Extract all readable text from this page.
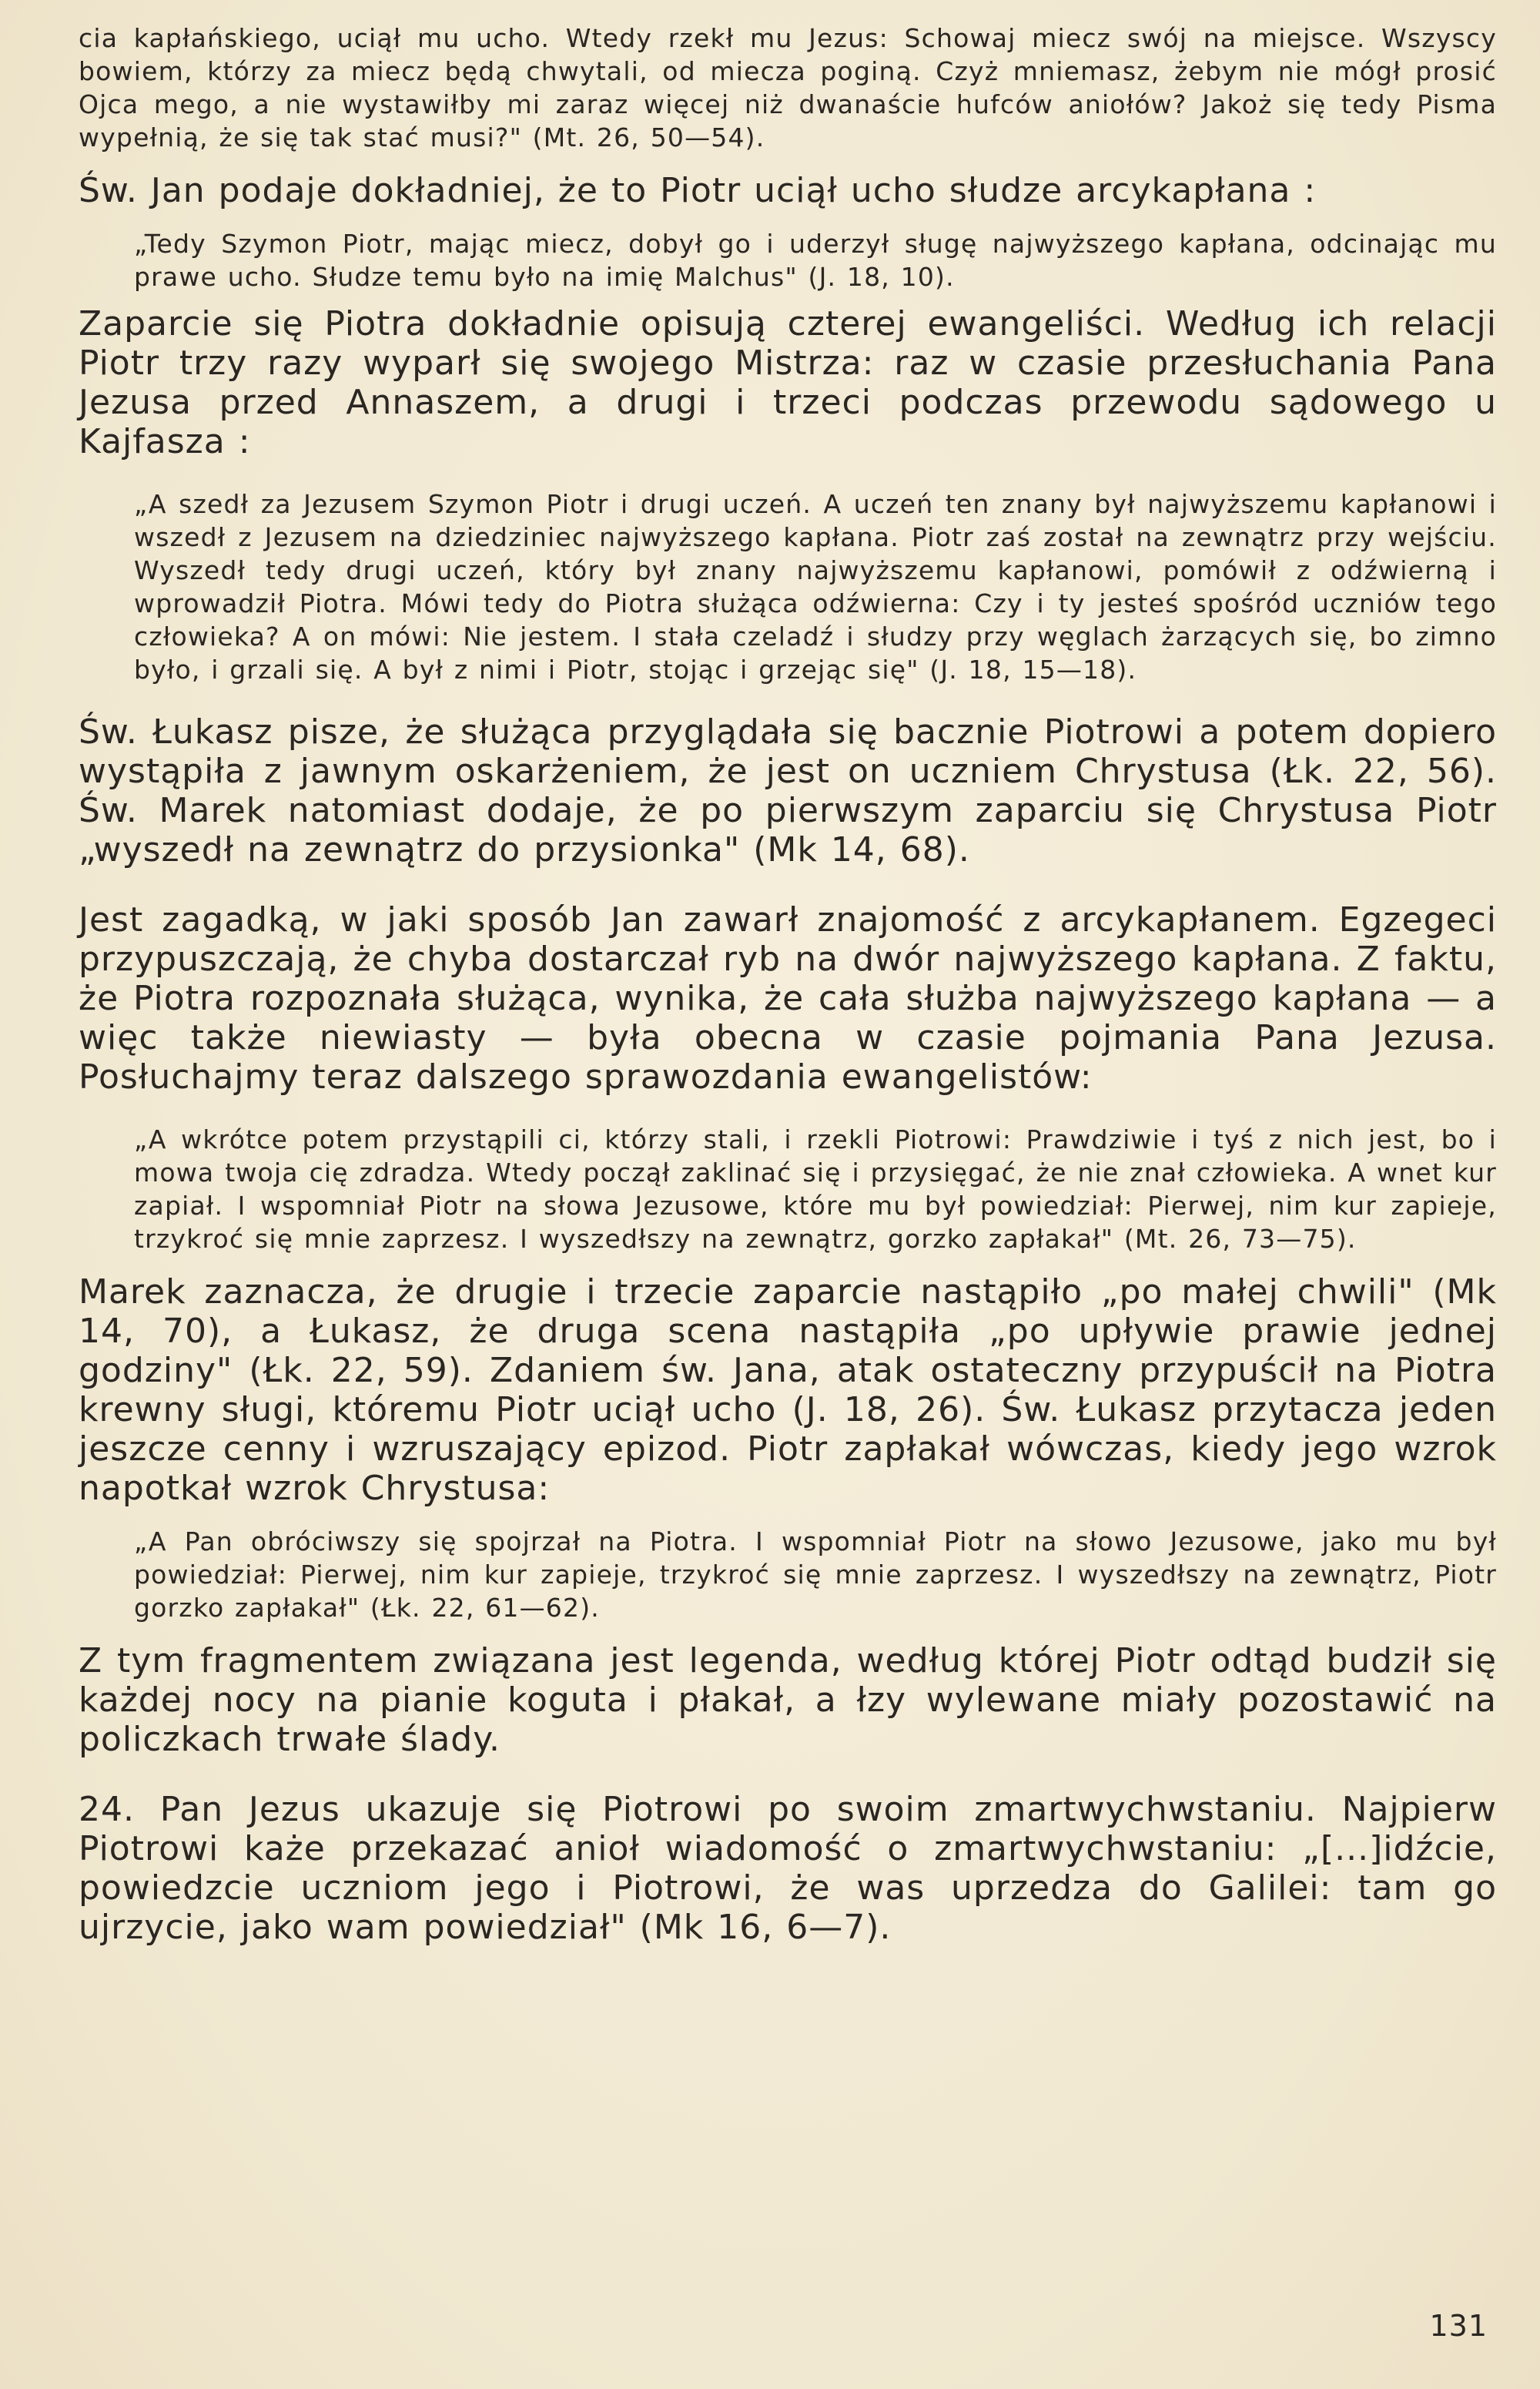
cia kapłańskiego, uciął mu ucho. Wtedy rzekł mu Jezus: Schowaj miecz swój na miejsce. Wszyscy bowiem, którzy za miecz będą chwytali, od miecza poginą. Czyż mniemasz, żebym nie mógł prosić Ojca mego, a nie wystawiłby mi zaraz więcej niż dwanaście hufców aniołów? Jakoż się tedy Pisma wypełnią, że się tak stać musi?" (Mt. 26, 50—54).

Św. Jan podaje dokładniej, że to Piotr uciął ucho słudze arcykapłana :

„Tedy Szymon Piotr, mając miecz, dobył go i uderzył sługę najwyższego kapłana, odcinając mu prawe ucho. Słudze temu było na imię Malchus" (J. 18, 10).

Zaparcie się Piotra dokładnie opisują czterej ewangeliści. Według ich relacji Piotr trzy razy wyparł się swojego Mistrza: raz w czasie przesłuchania Pana Jezusa przed Annaszem, a drugi i trzeci podczas przewodu sądowego u Kajfasza :

„A szedł za Jezusem Szymon Piotr i drugi uczeń. A uczeń ten znany był najwyższemu kapłanowi i wszedł z Jezusem na dziedziniec najwyższego kapłana. Piotr zaś został na zewnątrz przy wejściu. Wyszedł tedy drugi uczeń, który był znany najwyższemu kapłanowi, pomówił z odźwierną i wprowadził Piotra. Mówi tedy do Piotra służąca odźwierna: Czy i ty jesteś spośród uczniów tego człowieka? A on mówi: Nie jestem. I stała czeladź i słudzy przy węglach żarzących się, bo zimno było, i grzali się. A był z nimi i Piotr, stojąc i grzejąc się" (J. 18, 15—18).

Św. Łukasz pisze, że służąca przyglądała się bacznie Piotrowi a potem dopiero wystąpiła z jawnym oskarżeniem, że jest on uczniem Chrystusa (Łk. 22, 56). Św. Marek natomiast dodaje, że po pierwszym zaparciu się Chrystusa Piotr „wyszedł na zewnątrz do przysionka" (Mk 14, 68).

Jest zagadką, w jaki sposób Jan zawarł znajomość z arcykapłanem. Egzegeci przypuszczają, że chyba dostarczał ryb na dwór najwyższego kapłana. Z faktu, że Piotra rozpoznała służąca, wynika, że cała służba najwyższego kapłana — a więc także niewiasty — była obecna w czasie pojmania Pana Jezusa. Posłuchajmy teraz dalszego sprawozdania ewangelistów:

„A wkrótce potem przystąpili ci, którzy stali, i rzekli Piotrowi: Prawdziwie i tyś z nich jest, bo i mowa twoja cię zdradza. Wtedy począł zaklinać się i przysięgać, że nie znał człowieka. A wnet kur zapiał. I wspomniał Piotr na słowa Jezusowe, które mu był powiedział: Pierwej, nim kur zapieje, trzykroć się mnie zaprzesz. I wyszedłszy na zewnątrz, gorzko zapłakał" (Mt. 26, 73—75).

Marek zaznacza, że drugie i trzecie zaparcie nastąpiło „po małej chwili" (Mk 14, 70), a Łukasz, że druga scena nastąpiła „po upływie prawie jednej godziny" (Łk. 22, 59). Zdaniem św. Jana, atak ostateczny przypuścił na Piotra krewny sługi, któremu Piotr uciął ucho (J. 18, 26). Św. Łukasz przytacza jeden jeszcze cenny i wzruszający epizod. Piotr zapłakał wówczas, kiedy jego wzrok napotkał wzrok Chrystusa:

„A Pan obróciwszy się spojrzał na Piotra. I wspomniał Piotr na słowo Jezusowe, jako mu był powiedział: Pierwej, nim kur zapieje, trzykroć się mnie zaprzesz. I wyszedłszy na zewnątrz, Piotr gorzko zapłakał" (Łk. 22, 61—62).

Z tym fragmentem związana jest legenda, według której Piotr odtąd budził się każdej nocy na pianie koguta i płakał, a łzy wylewane miały pozostawić na policzkach trwałe ślady.

24. Pan Jezus ukazuje się Piotrowi po swoim zmartwychwstaniu. Najpierw Piotrowi każe przekazać anioł wiadomość o zmartwychwstaniu: „[...]idźcie, powiedzcie uczniom jego i Piotrowi, że was uprzedza do Galilei: tam go ujrzycie, jako wam powiedział" (Mk 16, 6—7).

131
